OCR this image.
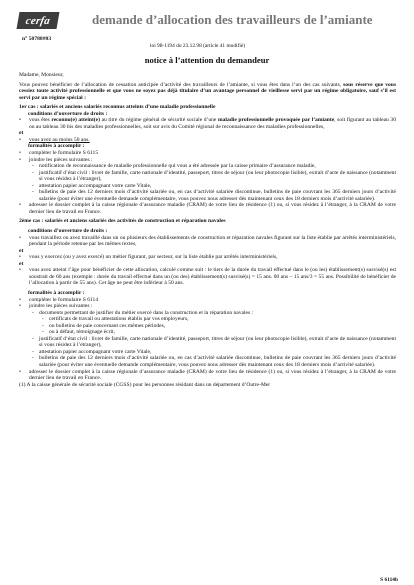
cerfa	demande d’allocation des travailleurs de l’amiante
n° 50788#03
loi 98-1194 du 23.12.98 (article 41 modifié)
notice à l’attention du demandeur

Madame, Monsieur,

Vous pouvez bénéficier de l’allocation de cessation anticipée d’activité des travailleurs de l’amiante, si vous êtes dans l’un des cas suivants, sous réserve que vous cessiez toute activité professionnelle et que vous ne soyez pas déjà titulaire d’un avantage personnel de vieillesse servi par un régime obligatoire, sauf s’il est servi par un régime spécial :

1er cas : salariés et anciens salariés reconnus atteints d’une maladie professionnelle

conditions d’ouverture de droits :

• vous êtes reconnu(e) atteint(e) au titre du régime général de sécurité sociale d’une maladie professionnelle provoquée par l’amiante, soit figurant au tableau 30 ou au tableau 30 bis des maladies professionnelles, soit sur avis du Comité régional de reconnaissance des maladies professionnelles,

et

• vous avez au moins 50 ans.

formalités à accomplir :

• compléter le formulaire S 6115
• joindre les pièces suivantes :
- notification de reconnaissance de maladie professionnelle qui vous a été adressée par la caisse primaire d’assurance maladie,
- justificatif d’état civil : livret de famille, carte nationale d’identité, passeport, titres de séjour (ou leur photocopie lisible), extrait d’acte de naissance (notamment si vous résidez à l’étranger),
- attestation papier accompagnant votre carte Vitale,
- bulletins de paie des 12 derniers mois d’activité salariée ou, en cas d’activité salariée discontinue, bulletins de paie couvrant les 365 derniers jours d’activité salariée (pour éviter une éventuelle demande complémentaire, vous pouvez nous adresser dès maintenant ceux des 18 derniers mois d’activité salariée).
• adresser le dossier complet à la caisse régionale d’assurance maladie (CRAM) de votre lieu de résidence (1) ou, si vous résidez à l’étranger, à la CRAM de votre dernier lieu de travail en France.

2ème cas : salariés et anciens salariés des activités de construction et réparation navales

conditions d’ouverture de droits :

• vous travaillez ou avez travaillé dans un ou plusieurs des établissements de construction et réparation navales figurant sur la liste établie par arrêtés interministériels, pendant la période retenue par les mêmes textes,

et

• vous y exercez (ou y avez exercé) un métier figurant, par secteur, sur la liste établie par arrêtés interministériels,

et

• vous avez atteint l’âge pour bénéficier de cette allocation, calculé comme suit : le tiers de la durée du travail effectué dans le (ou les) établissement(s) susvisé(s) est soustrait de 60 ans (exemple : durée du travail effectué dans un (ou des) établissement(s) susvisé(s) = 15 ans. 60 ans – 15 ans/3 = 55 ans. Possibilité de bénéficier de l’allocation à partir de 55 ans). Cet âge ne peut être inférieur à 50 ans.

formalités à accomplir :

• compléter le formulaire S 6114
• joindre les pièces suivantes :
- documents permettant de justifier du métier exercé dans la construction et la réparation navales :
- certificats de travail ou attestations établis par vos employeurs,
- ou bulletins de paie concernant ces mêmes périodes,
- ou à défaut, témoignage écrit,
- justificatif d’état civil : livret de famille, carte nationale d’identité, passeport, titres de séjour (ou leur photocopie lisible), extrait d’acte de naissance (notamment si vous résidez à l’étranger),
- attestation papier accompagnant votre carte Vitale,
- bulletins de paie des 12 derniers mois d’activité salariée ou, en cas d’activité salariée discontinue, bulletins de paie couvrant les 365 derniers jours d’activité salariée (pour éviter une éventuelle demande complémentaire, vous pouvez nous adresser dès maintenant ceux des 18 derniers mois d’activité salariée).
• adresser le dossier complet à la caisse régionale d’assurance maladie (CRAM) de votre lieu de résidence (1) ou, si vous résidez à l’étranger, à la CRAM de votre dernier lieu de travail en France.

(1) A la caisse générale de sécurité sociale (CGSS) pour les personnes résidant dans un département d’Outre-Mer

S 6114b
